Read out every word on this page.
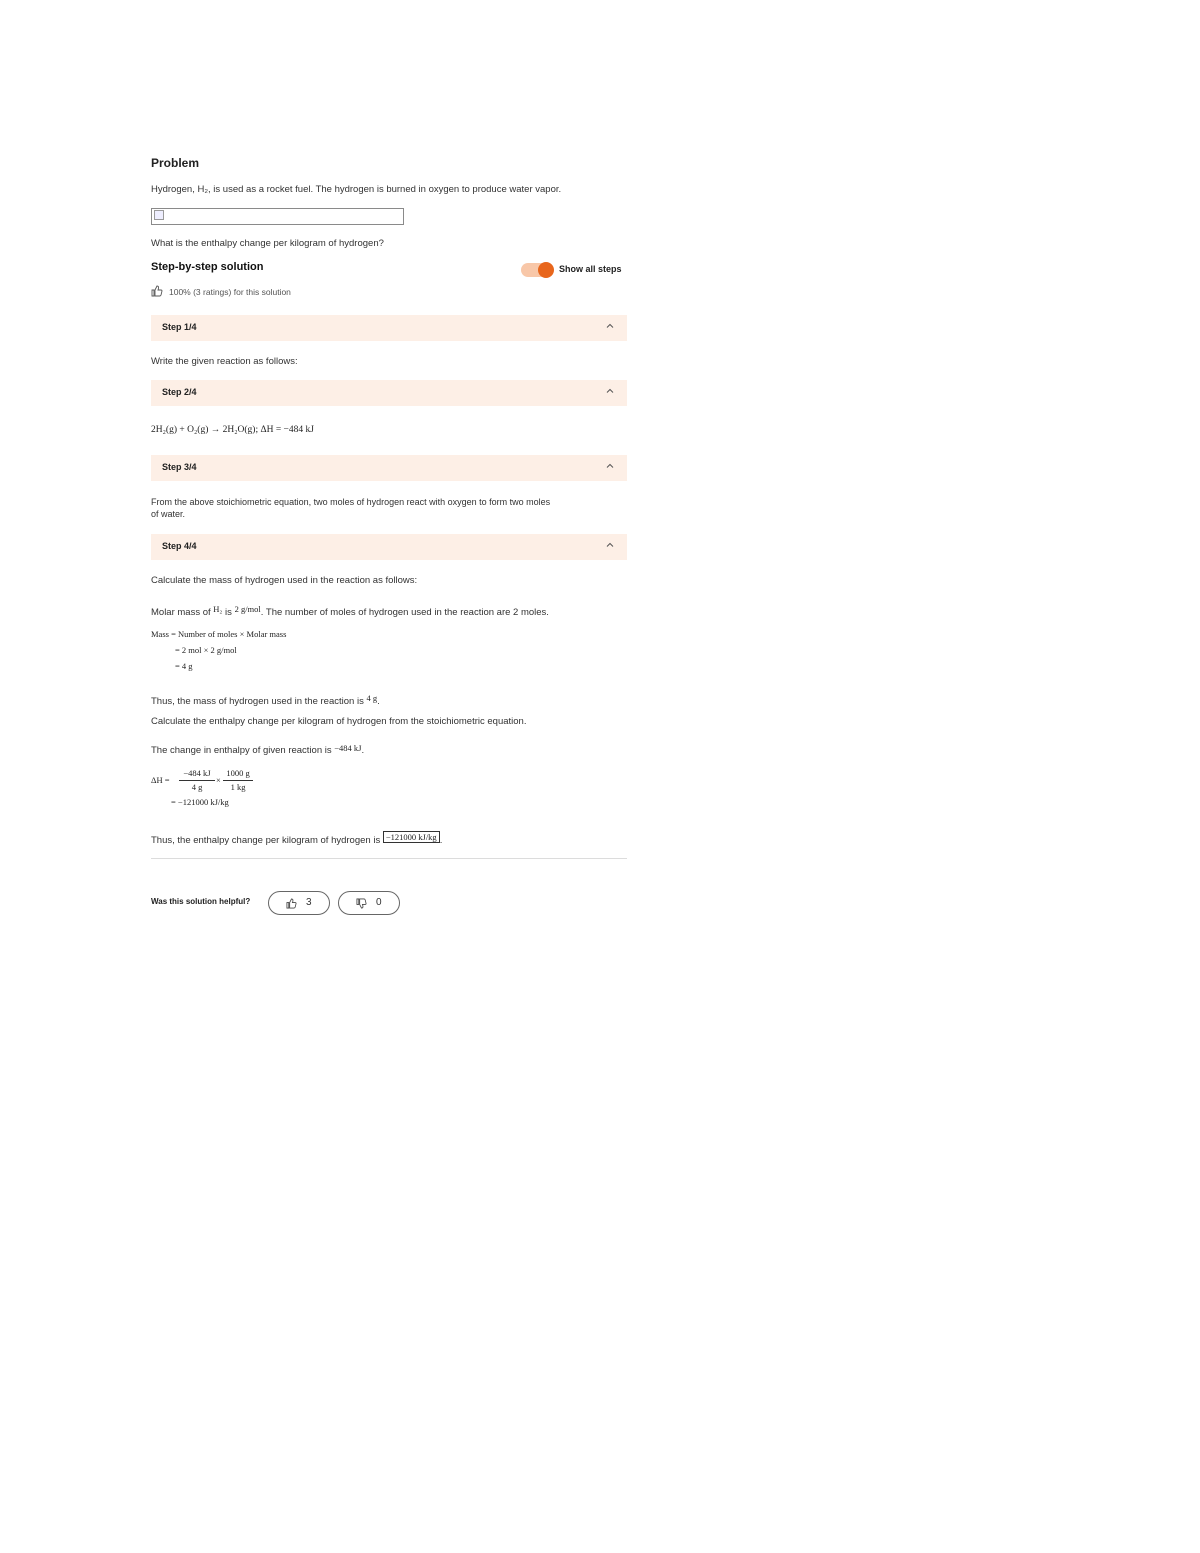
Problem
Hydrogen, H₂, is used as a rocket fuel. The hydrogen is burned in oxygen to produce water vapor.
What is the enthalpy change per kilogram of hydrogen?
Step-by-step solution	Show all steps
100% (3 ratings) for this solution
Step 1/4
Write the given reaction as follows:
Step 2/4
2H₂(g) + O₂(g) → 2H₂O(g); ΔH = −484 kJ
Step 3/4
From the above stoichiometric equation, two moles of hydrogen react with oxygen to form two moles
of water.
Step 4/4
Calculate the mass of hydrogen used in the reaction as follows:
Molar mass of H₂ is 2 g/mol. The number of moles of hydrogen used in the reaction are 2 moles.
Mass = Number of moles × Molar mass
= 2 mol × 2 g/mol
= 4 g
Thus, the mass of hydrogen used in the reaction is 4 g.
Calculate the enthalpy change per kilogram of hydrogen from the stoichiometric equation.
The change in enthalpy of given reaction is −484 kJ.
ΔH =
−484 kJ
4 g
×
1000 g
1 kg
= −121000 kJ/kg
Thus, the enthalpy change per kilogram of hydrogen is −121000 kJ/kg .
Was this solution helpful?	3	0
